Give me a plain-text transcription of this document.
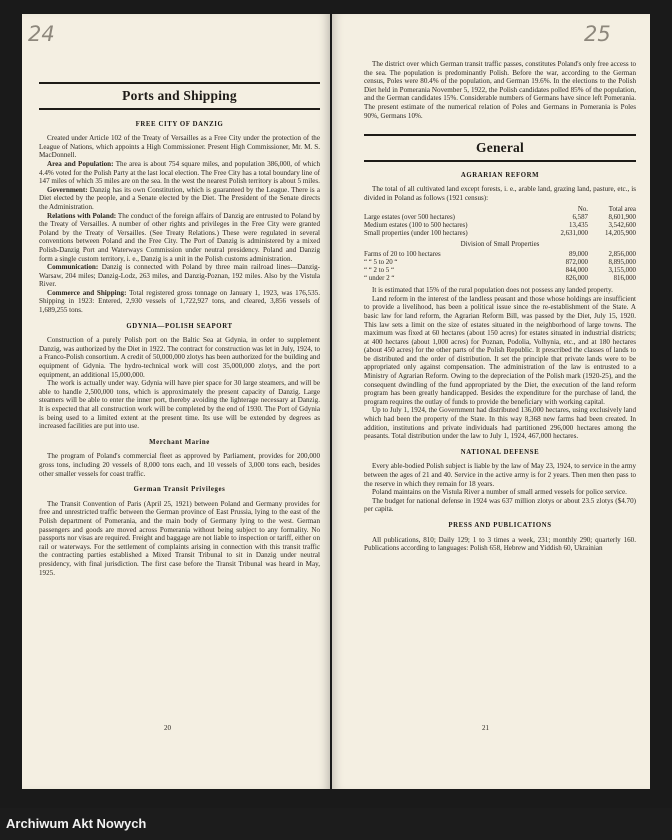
24
Ports and Shipping
FREE CITY OF DANZIG

Created under Article 102 of the Treaty of Versailles as a Free City under the protection of the League of Nations, which appoints a High Commissioner. Present High Commissioner, Mr. M. S. MacDonnell.

Area and Population: The area is about 754 square miles, and population 386,000, of which 4.4% voted for the Polish Party at the last local election. The Free City has a total boundary line of 147 miles of which 35 miles are on the sea. In the west the nearest Polish territory is about 5 miles.

Government: Danzig has its own Constitution, which is guaranteed by the League. There is a Diet elected by the people, and a Senate elected by the Diet. The President of the Senate directs the Administration.

Relations with Poland: The conduct of the foreign affairs of Danzig are entrusted to Poland by the Treaty of Versailles. A number of other rights and privileges in the Free City were granted Poland by the Treaty of Versailles. (See Treaty Relations.) These were regulated in several conventions between Poland and the Free City. The Port of Danzig is administered by a mixed Polish-Danzig Port and Waterways Commission under neutral presidency. Poland and Danzig form a single custom territory, i. e., Danzig is a unit in the Polish customs administration.

Communication: Danzig is connected with Poland by three main railroad lines—Danzig-Warsaw, 204 miles; Danzig-Lodz, 263 miles, and Danzig-Poznan, 192 miles. Also by the Vistula River.

Commerce and Shipping: Total registered gross tonnage on January 1, 1923, was 176,535. Shipping in 1923: Entered, 2,930 vessels of 1,722,927 tons, and cleared, 3,856 vessels of 1,689,255 tons.

GDYNIA—POLISH SEAPORT

Construction of a purely Polish port on the Baltic Sea at Gdynia, in order to supplement Danzig, was authorized by the Diet in 1922. The contract for construction was let in July, 1924, to a Franco-Polish consortium. A credit of 50,000,000 zlotys has been authorized for the building and equipment of Gdynia. The hydro-technical work will cost 35,000,000 zlotys, and the port equipment, an additional 15,000,000.

The work is actually under way. Gdynia will have pier space for 30 large steamers, and will be able to handle 2,500,000 tons, which is approximately the present capacity of Danzig. Large steamers will be able to enter the inner port, thereby avoiding the lighterage necessary at Danzig. It is expected that all construction work will be completed by the end of 1930. The Port of Gdynia is being used to a limited extent at the present time. Its use will be extended by degrees as increased facilities are put into use.

Merchant Marine

The program of Poland's commercial fleet as approved by Parliament, provides for 200,000 gross tons, including 20 vessels of 8,000 tons each, and 10 vessels of 3,000 tons each, besides other smaller vessels for coast traffic.

German Transit Privileges

The Transit Convention of Paris (April 25, 1921) between Poland and Germany provides for free and unrestricted traffic between the German province of East Prussia, lying to the east of the Polish department of Pomerania, and the main body of Germany lying to the west. German passengers and goods are moved across Pomerania without being subject to any formality. No passports nor visas are required. Freight and baggage are not liable to inspection or tariff, either on rail or waterways. For the settlement of complaints arising in connection with this transit traffic the contracting parties established a Mixed Transit Tribunal to sit in Danzig under neutral presidency, with final jurisdiction. The first case before the Transit Tribunal was heard in May, 1925.

20
25

The district over which German transit traffic passes, constitutes Poland's only free access to the sea. The population is predominantly Polish. Before the war, according to the German census, Poles were 80.4% of the population, and German 19.6%. In the elections to the Polish Diet held in Pomerania November 5, 1922, the Polish candidates polled 85% of the population, and the German candidates 15%. Considerable numbers of Germans have since left Pomerania. The present estimate of the numerical relation of Poles and Germans in Pomerania is Poles 90%, Germans 10%.

General
AGRARIAN REFORM

The total of all cultivated land except forests, i. e., arable land, grazing land, pasture, etc., is divided in Poland as follows (1921 census):

	No.	Total area
Large estates (over 500 hectares)	6,587	8,601,900
Medium estates (100 to 500 hectares)	13,435	3,542,600
Small properties (under 100 hectares)	2,631,000	14,205,900
Division of Small Properties
Farms of 20 to 100 hectares	89,000	2,856,000
“ “ 5 to 20 “	872,000	8,895,000
“ “ 2 to 5 “	844,000	3,155,000
“ under 2 “	826,000	816,000

It is estimated that 15% of the rural population does not possess any landed property.

Land reform in the interest of the landless peasant and those whose holdings are insufficient to provide a livelihood, has been a political issue since the re-establishment of the State. A basic law for land reform, the Agrarian Reform Bill, was passed by the Diet, July 15, 1920. This law sets a limit on the size of estates situated in the neighborhood of large towns. The maximum was fixed at 60 hectares (about 150 acres) for estates situated in industrial districts; at 400 hectares (about 1,000 acres) for Poznan, Podolia, Volhynia, etc., and at 180 hectares (about 450 acres) for the other parts of the Polish Republic. It prescribed the classes of lands to be distributed and the order of distribution. It set the principle that private lands were to be appropriated only against compensation. The administration of the law is entrusted to a Ministry of Agrarian Reform. Owing to the depreciation of the Polish mark (1920-25), and the consequent dwindling of the fund appropriated by the Diet, the execution of the land reform program has been greatly handicapped. Besides the expenditure for the purchase of land, the program requires the outlay of funds to provide the beneficiary with working capital.

Up to July 1, 1924, the Government had distributed 136,000 hectares, using exclusively land which had been the property of the State. In this way 8,368 new farms had been created. In addition, institutions and private individuals had partitioned 296,000 hectares among the peasants. Total distribution under the law to July 1, 1924, 467,000 hectares.

NATIONAL DEFENSE

Every able-bodied Polish subject is liable by the law of May 23, 1924, to service in the army between the ages of 21 and 40. Service in the active army is for 2 years. Then men then pass to the reserve in which they remain for 18 years.

Poland maintains on the Vistula River a number of small armed vessels for police service.

The budget for national defense in 1924 was 637 million zlotys or about 23.5 zlotys ($4.70) per capita.

PRESS AND PUBLICATIONS

All publications, 810; Daily 129; 1 to 3 times a week, 231; monthly 290; quarterly 160. Publications according to languages: Polish 658, Hebrew and Yiddish 60, Ukrainian

21
Archiwum Akt Nowych
